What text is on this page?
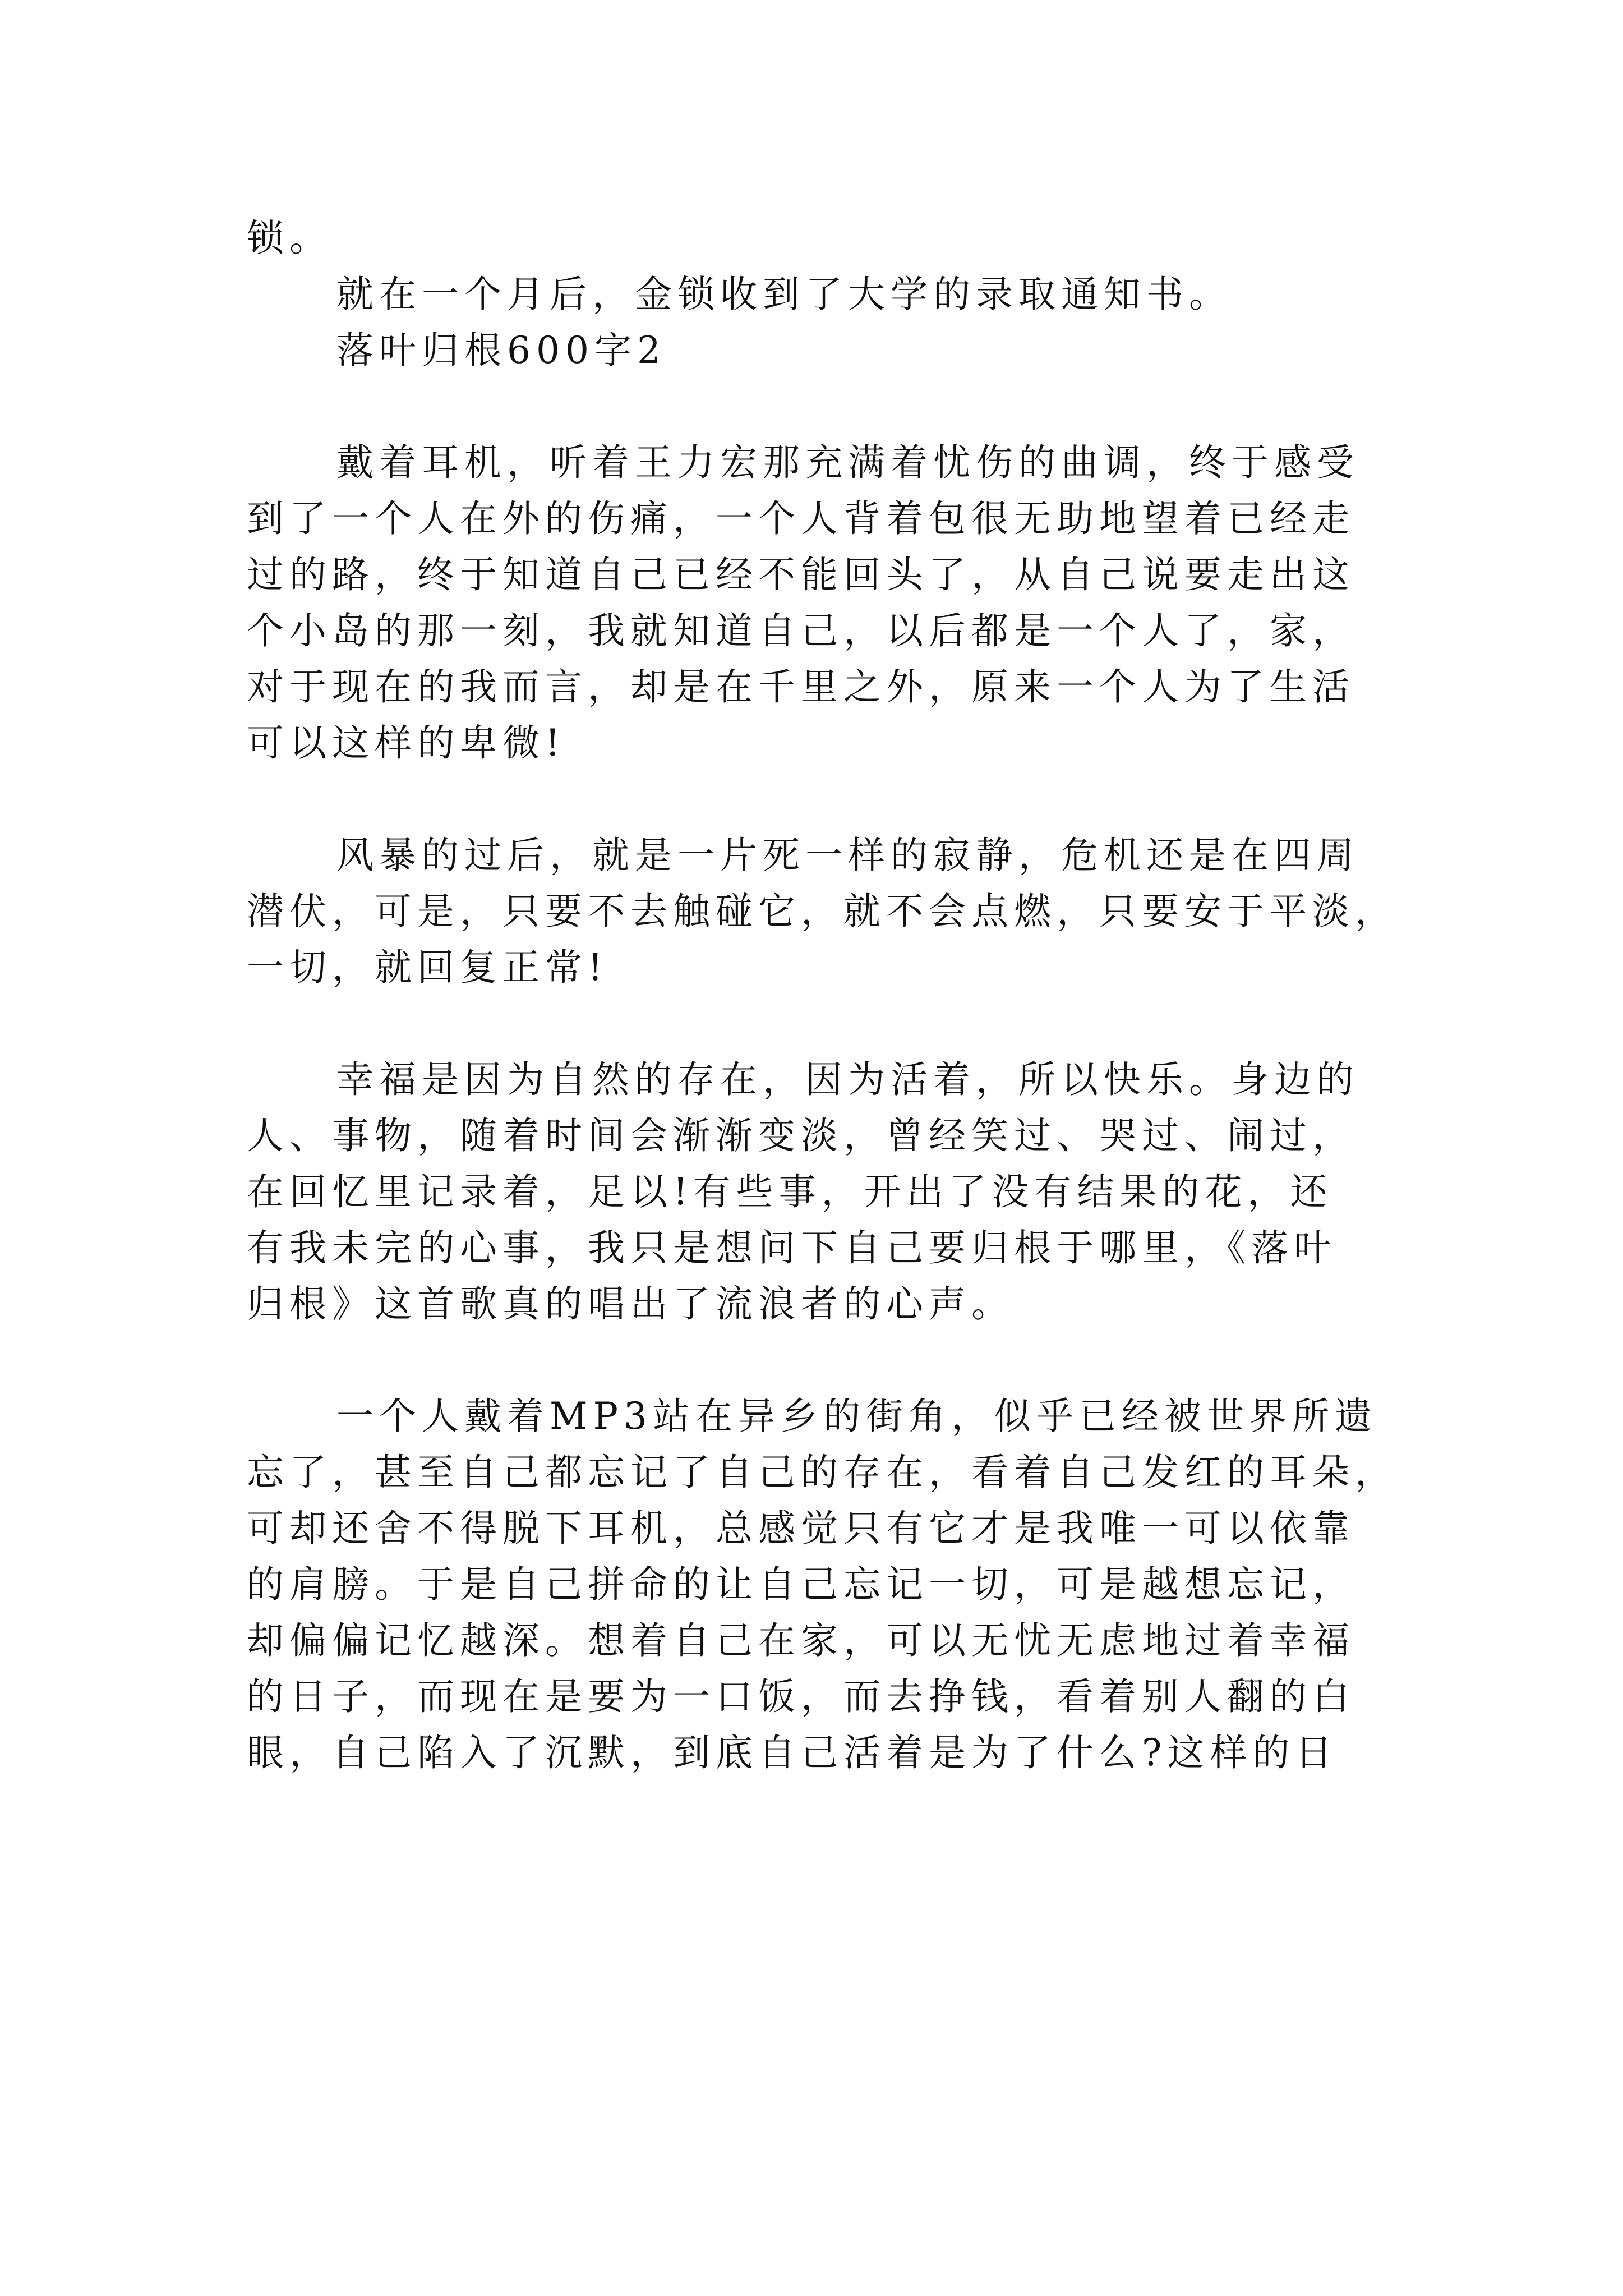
锁。
就在一个月后，金锁收到了大学的录取通知书。
落叶归根600字2
戴着耳机，听着王力宏那充满着忧伤的曲调，终于感受
到了一个人在外的伤痛，一个人背着包很无助地望着已经走
过的路，终于知道自己已经不能回头了，从自己说要走出这
个小岛的那一刻，我就知道自己，以后都是一个人了，家，
对于现在的我而言，却是在千里之外，原来一个人为了生活
可以这样的卑微!
风暴的过后，就是一片死一样的寂静，危机还是在四周
潜伏，可是，只要不去触碰它，就不会点燃，只要安于平淡，
一切，就回复正常!
幸福是因为自然的存在，因为活着，所以快乐。身边的
人、事物，随着时间会渐渐变淡，曾经笑过、哭过、闹过，
在回忆里记录着，足以!有些事，开出了没有结果的花，还
有我未完的心事，我只是想问下自己要归根于哪里，《落叶
归根》这首歌真的唱出了流浪者的心声。
一个人戴着MP3站在异乡的街角，似乎已经被世界所遗
忘了，甚至自己都忘记了自己的存在，看着自己发红的耳朵，
可却还舍不得脱下耳机，总感觉只有它才是我唯一可以依靠
的肩膀。于是自己拼命的让自己忘记一切，可是越想忘记，
却偏偏记忆越深。想着自己在家，可以无忧无虑地过着幸福
的日子，而现在是要为一口饭，而去挣钱，看着别人翻的白
眼，自己陷入了沉默，到底自己活着是为了什么?这样的日
